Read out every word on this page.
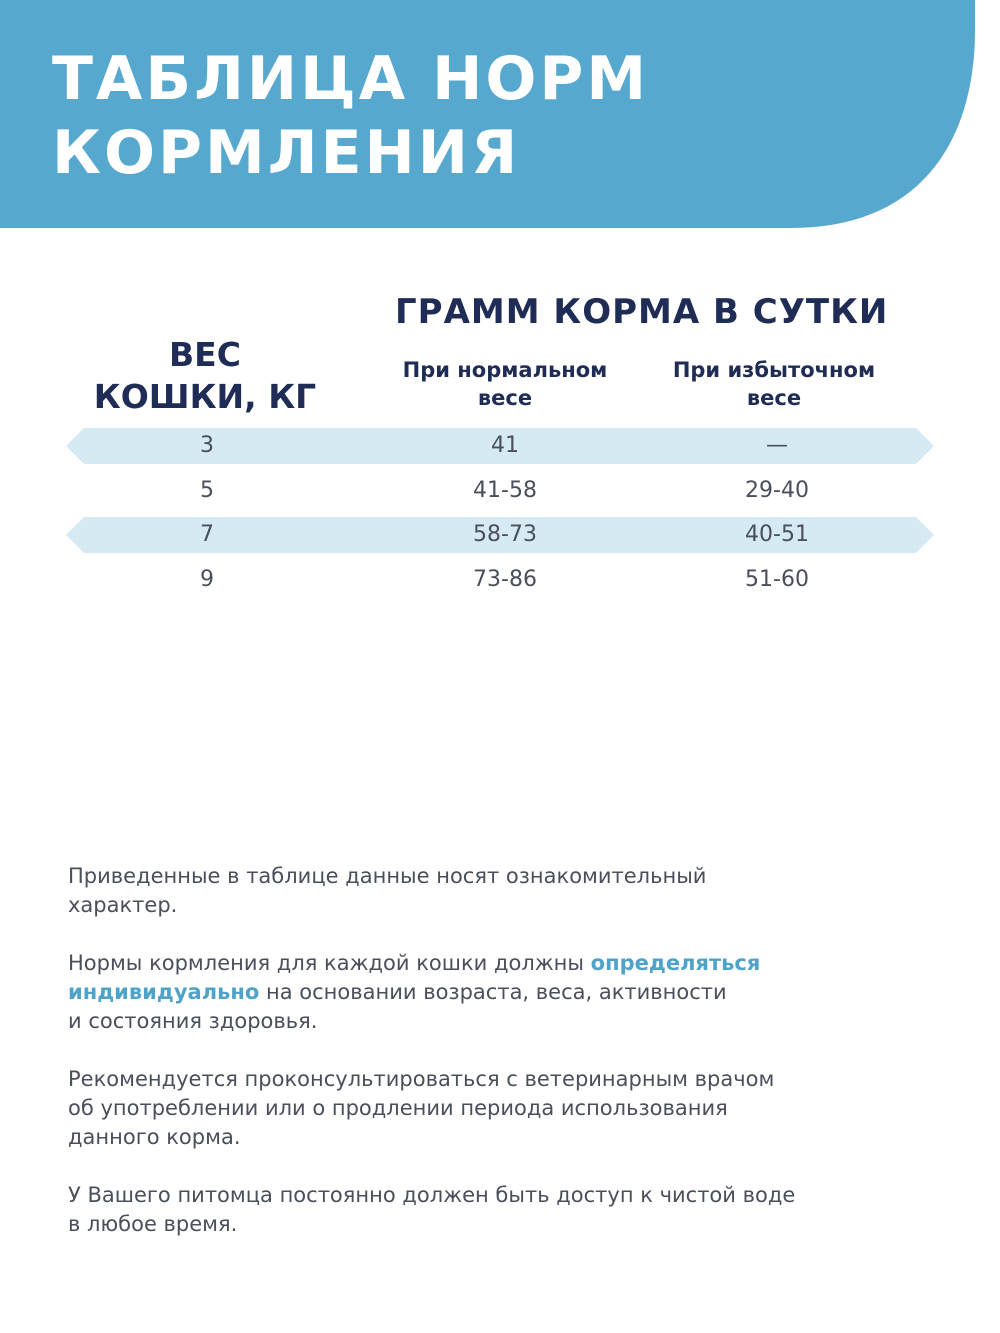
ТАБЛИЦА НОРМ
КОРМЛЕНИЯ
ВЕС
КОШКИ, КГ
ГРАММ КОРМА В СУТКИ
При нормальном
весе
При избыточном
весе
3	41	—
5	41-58	29-40
7	58-73	40-51
9	73-86	51-60

Приведенные в таблице данные носят ознакомительный
характер.

Нормы кормления для каждой кошки должны определяться
индивидуально на основании возраста, веса, активности
и состояния здоровья.

Рекомендуется проконсультироваться с ветеринарным врачом
об употреблении или о продлении периода использования
данного корма.

У Вашего питомца постоянно должен быть доступ к чистой воде
в любое время.
